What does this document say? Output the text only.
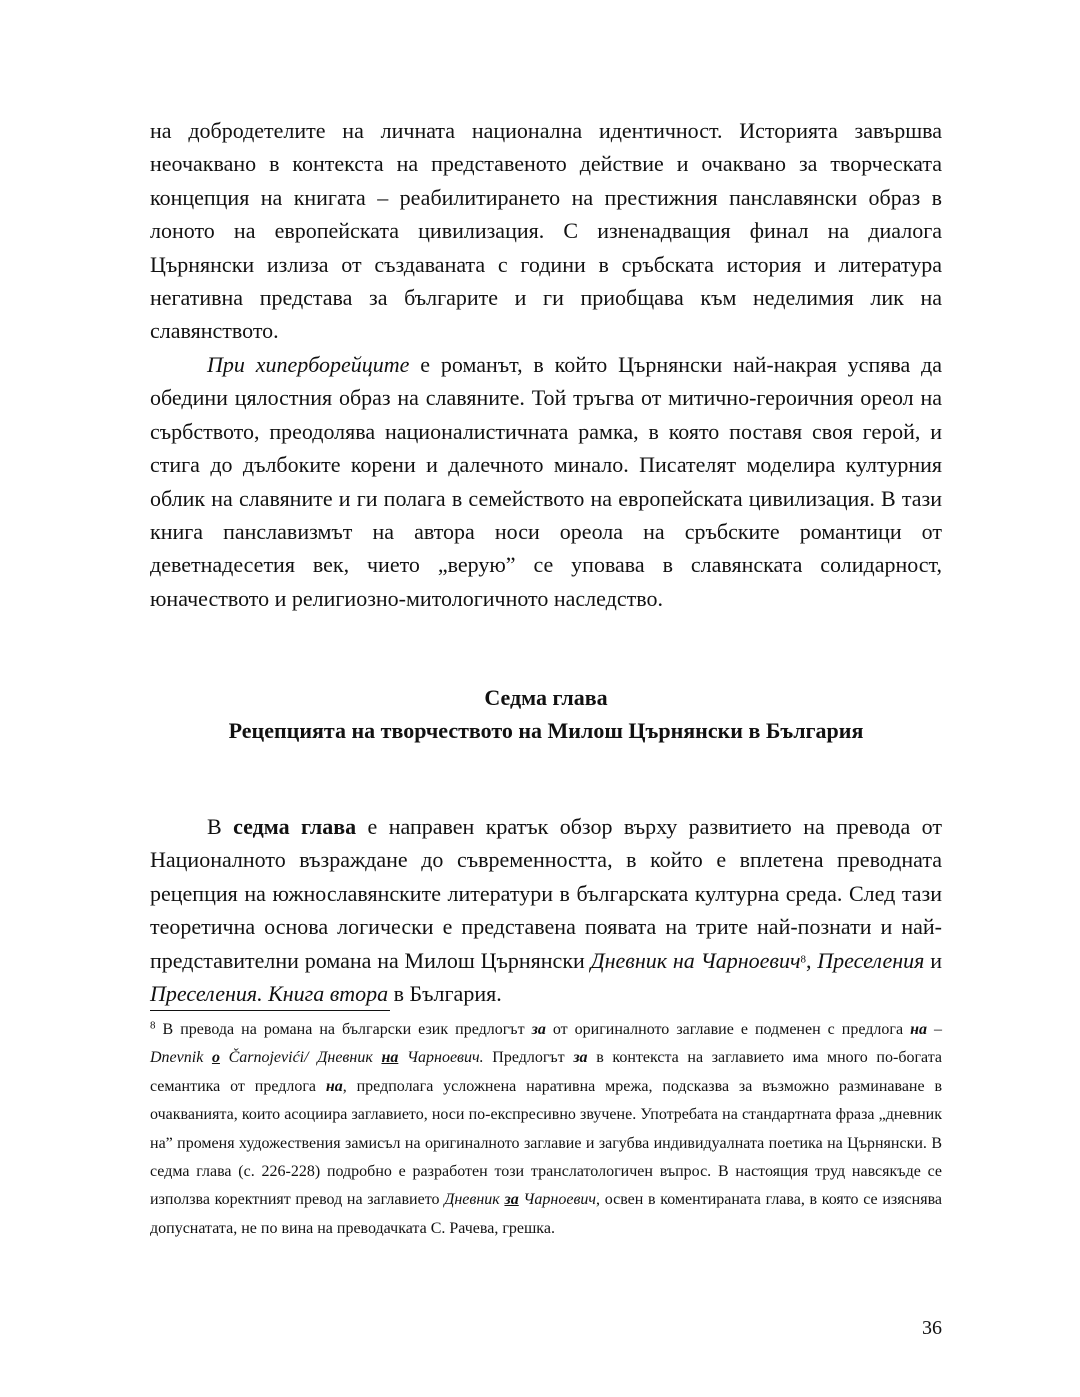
на добродетелите на личната национална идентичност. Историята завършва неочаквано в контекста на представеното действие и очаквано за творческата концепция на книгата – реабилитирането на престижния панславянски образ в лоното на европейската цивилизация. С изненадващия финал на диалога Църнянски излиза от създаваната с години в сръбската история и литература негативна представа за българите и ги приобщава към неделимия лик на славянството.

При хиперборейците е романът, в който Църнянски най-накрая успява да обедини цялостния образ на славяните. Той тръгва от митично-героичния ореол на сърбството, преодолява националистичната рамка, в която поставя своя герой, и стига до дълбоките корени и далечното минало. Писателят моделира културния облик на славяните и ги полага в семейството на европейската цивилизация. В тази книга панславизмът на автора носи ореола на сръбските романтици от деветнадесетия век, чието „верую” се уповава в славянската солидарност, юначеството и религиозно-митологичното наследство.

Седма глава

Рецепцията на творчеството на Милош Църнянски в България

В седма глава е направен кратък обзор върху развитието на превода от Националното възраждане до съвременността, в който е вплетена преводната рецепция на южнославянските литератури в българската културна среда. След тази теоретична основа логически е представена появата на трите най-познати и най-представителни романа на Милош Църнянски Дневник на Чарноевич$^8$, Преселения и Преселения. Книга втора в България.

$^8$ В превода на романа на български език предлогът за от оригиналното заглавие е подменен с предлога на – Dnevnik o Čarnojevići/ Дневник на Чарноевич. Предлогът за в контекста на заглавието има много по-богата семантика от предлога на, предполага усложнена наративна мрежа, подсказва за възможно разминаване в очакванията, които асоциира заглавието, носи по-експресивно звучене. Употребата на стандартната фраза „дневник на” променя художествения замисъл на оригиналното заглавие и загубва индивидуалната поетика на Църнянски. В седма глава (с. 226-228) подробно е разработен този транслатологичен въпрос. В настоящия труд навсякъде се използва коректният превод на заглавието Дневник за Чарноевич, освен в коментираната глава, в която се изяснява допуснатата, не по вина на преводачката С. Рачева, грешка.

36
